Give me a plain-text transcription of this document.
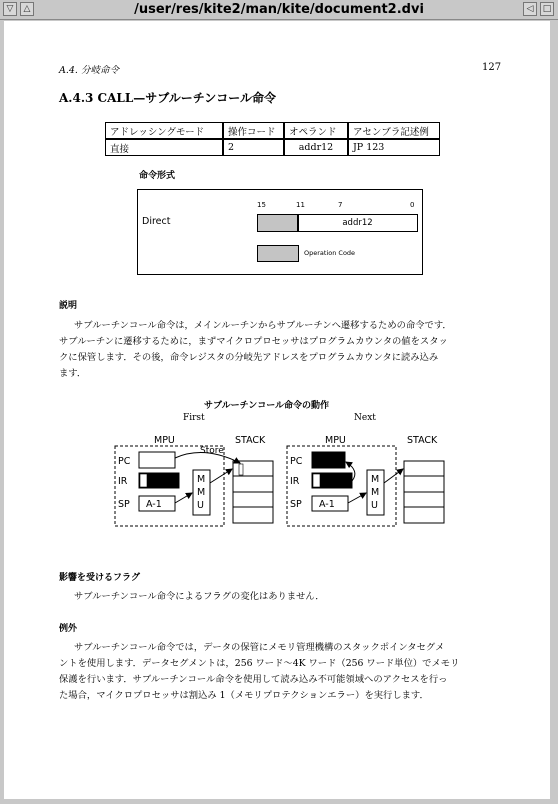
▽	△	/user/res/kite2/man/kite/document2.dvi	◁	□
A.4. 分岐命令	127
A.4.3 CALL—サブルーチンコール命令
アドレッシングモード	操作コード	オペランド	アセンブラ記述例
直接	2	addr12	JP 123
命令形式
Direct
15	11	7	0
addr12
Operation Code
説明
サブルーチンコール命令は，メインルーチンからサブルーチンへ遷移するための命令です．
サブルーチンに遷移するために，まずマイクロプロセッサはプログラムカウンタの値をスタッ
クに保管します．その後，命令レジスタの分岐先アドレスをプログラムカウンタに読み込み
ます．
サブルーチンコール命令の動作
First	Next
MPU	STACK
PC
IR
SP A-1
M
M
U
Store
MPU	STACK
PC
IR
SP A-1
M
M
U
影響を受けるフラグ
サブルーチンコール命令によるフラグの変化はありません．
例外
サブルーチンコール命令では，データの保管にメモリ管理機構のスタックポインタセグメ
ントを使用します．データセグメントは，256 ワード～4K ワード（256 ワード単位）でメモリ
保護を行います．サブルーチンコール命令を使用して読み込み不可能領域へのアクセスを行っ
た場合，マイクロプロセッサは割込み 1（メモリプロテクションエラー）を実行します．
